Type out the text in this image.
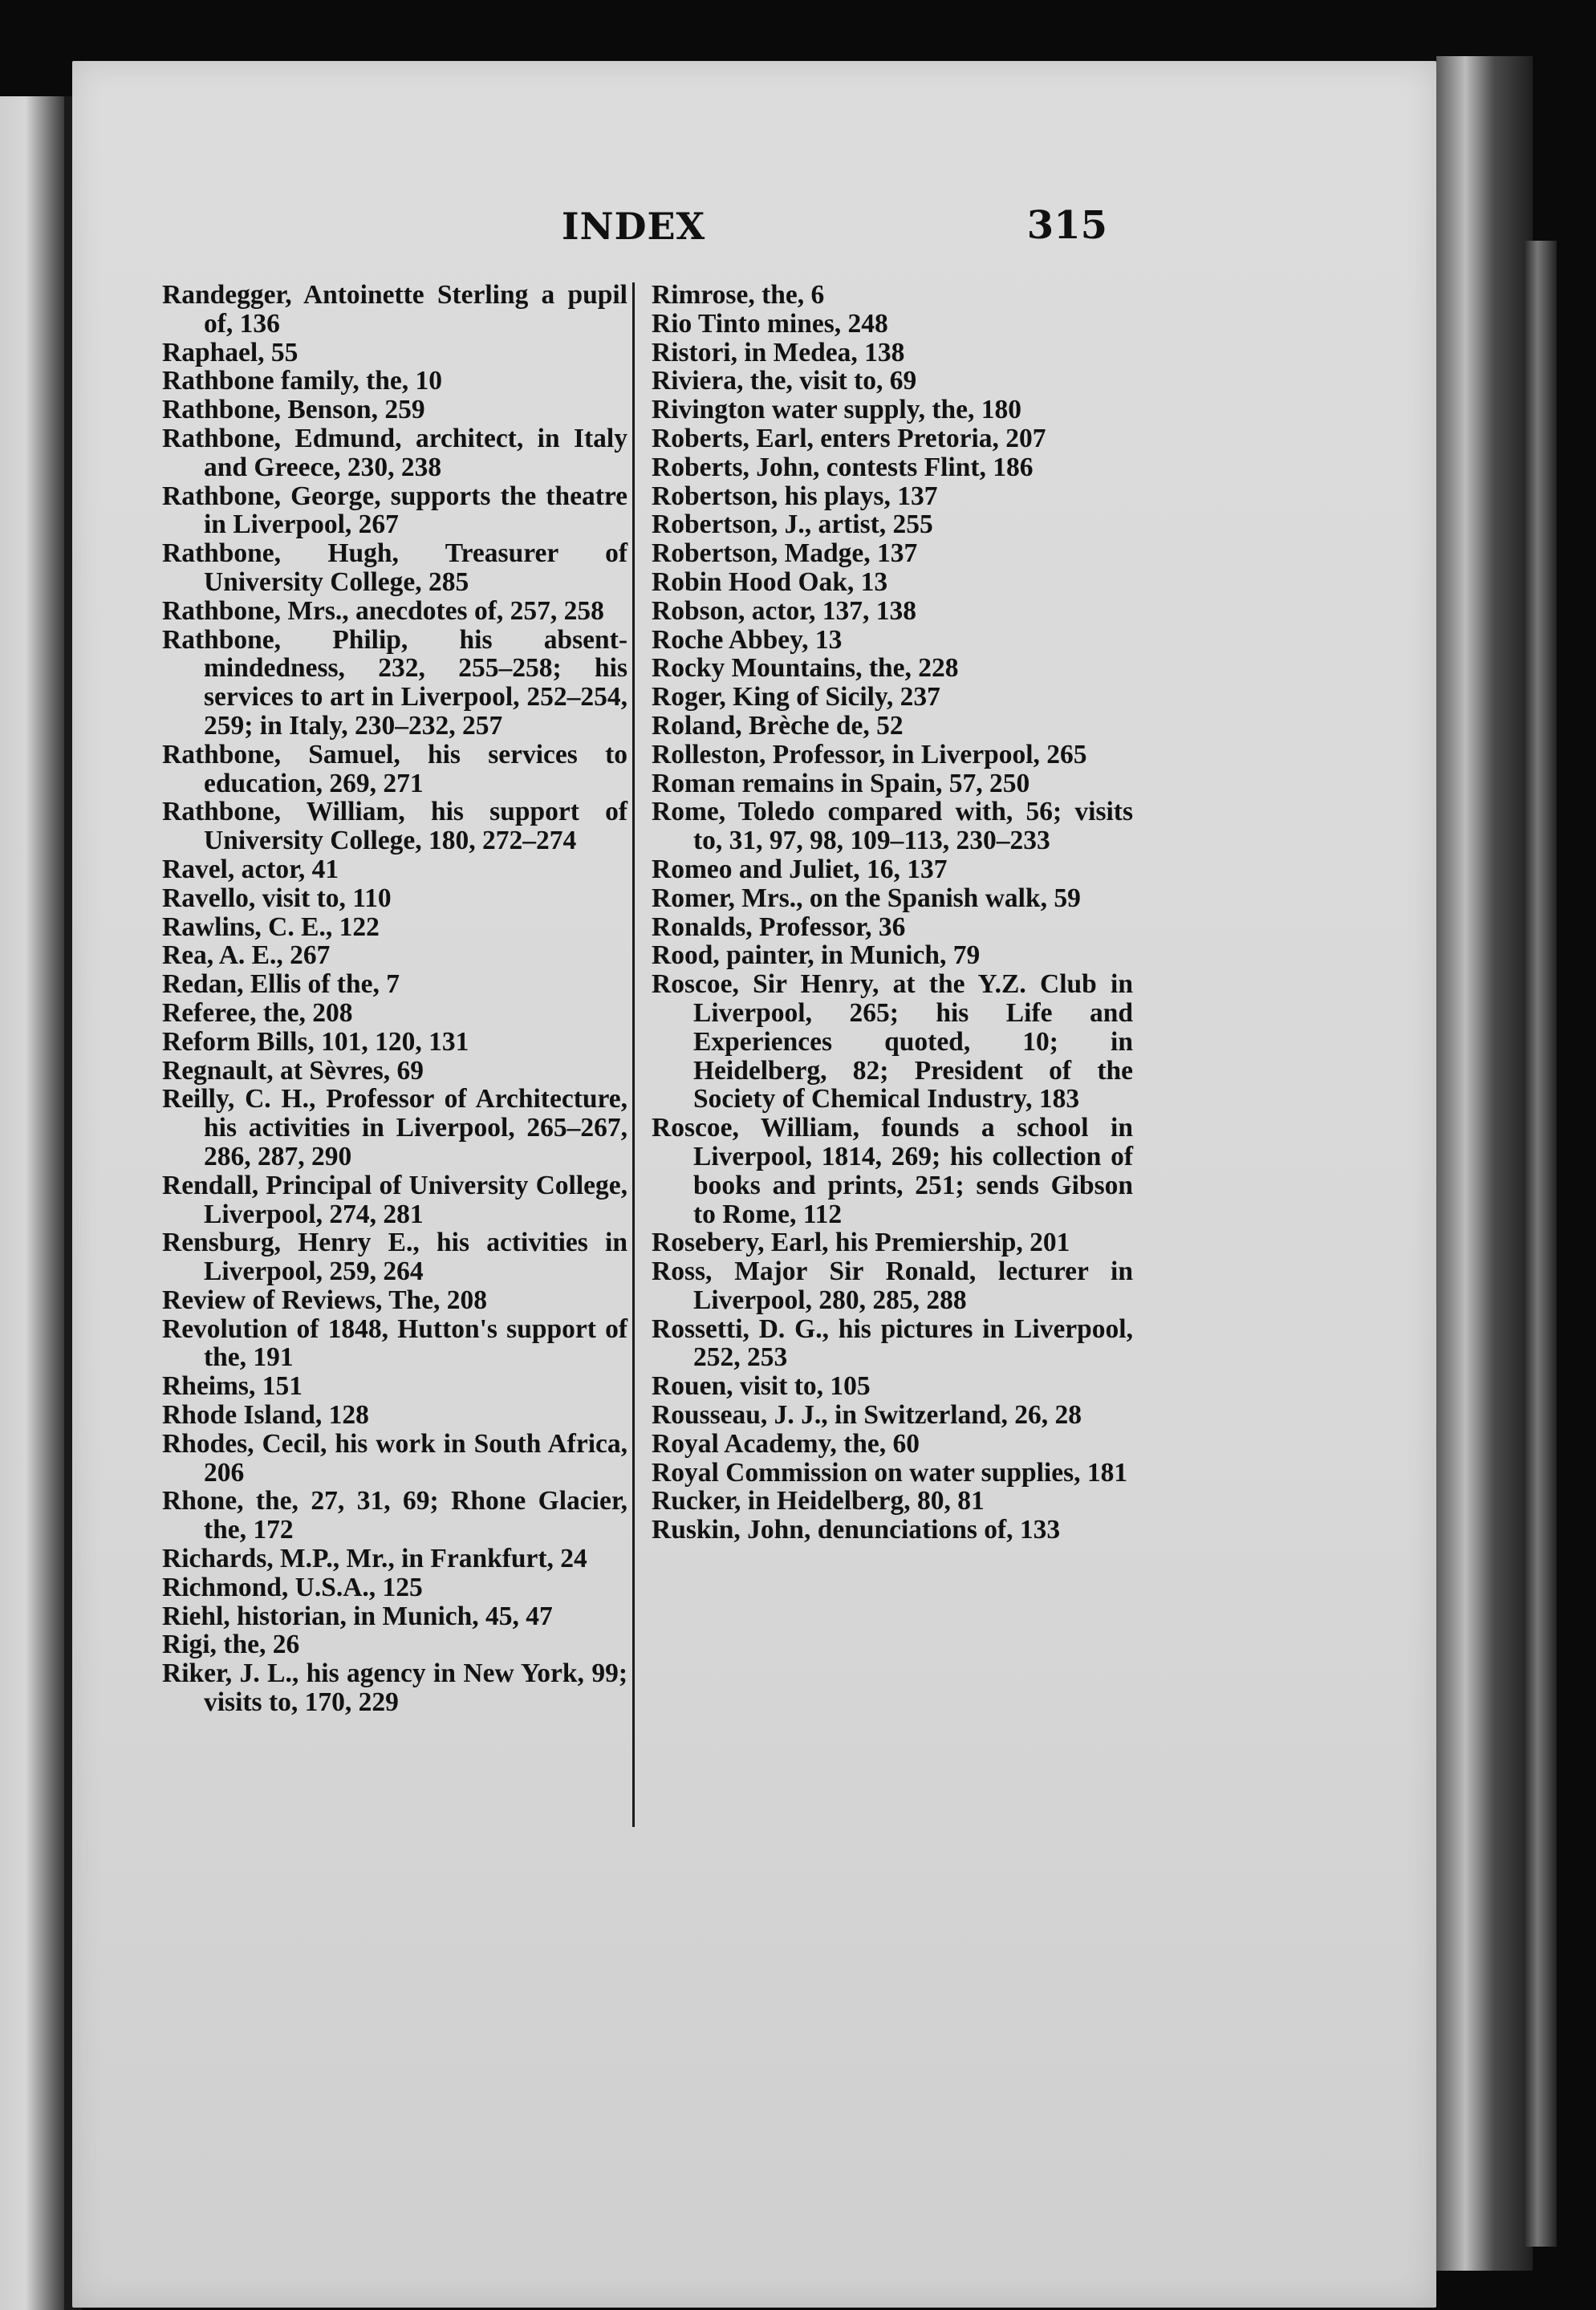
INDEX	315

Randegger, Antoinette Sterling a pupil of, 136

Raphael, 55

Rathbone family, the, 10

Rathbone, Benson, 259

Rathbone, Edmund, architect, in Italy and Greece, 230, 238

Rathbone, George, supports the theatre in Liverpool, 267

Rathbone, Hugh, Treasurer of University College, 285

Rathbone, Mrs., anecdotes of, 257, 258

Rathbone, Philip, his absent-mindedness, 232, 255–258; his services to art in Liverpool, 252–254, 259; in Italy, 230–232, 257

Rathbone, Samuel, his services to education, 269, 271

Rathbone, William, his support of University College, 180, 272–274

Ravel, actor, 41

Ravello, visit to, 110

Rawlins, C. E., 122

Rea, A. E., 267

Redan, Ellis of the, 7

Referee, the, 208

Reform Bills, 101, 120, 131

Regnault, at Sèvres, 69

Reilly, C. H., Professor of Architecture, his activities in Liverpool, 265–267, 286, 287, 290

Rendall, Principal of University College, Liverpool, 274, 281

Rensburg, Henry E., his activities in Liverpool, 259, 264

Review of Reviews, The, 208

Revolution of 1848, Hutton's support of the, 191

Rheims, 151

Rhode Island, 128

Rhodes, Cecil, his work in South Africa, 206

Rhone, the, 27, 31, 69; Rhone Glacier, the, 172

Richards, M.P., Mr., in Frankfurt, 24

Richmond, U.S.A., 125

Riehl, historian, in Munich, 45, 47

Rigi, the, 26

Riker, J. L., his agency in New York, 99; visits to, 170, 229

Rimrose, the, 6

Rio Tinto mines, 248

Ristori, in Medea, 138

Riviera, the, visit to, 69

Rivington water supply, the, 180

Roberts, Earl, enters Pretoria, 207

Roberts, John, contests Flint, 186

Robertson, his plays, 137

Robertson, J., artist, 255

Robertson, Madge, 137

Robin Hood Oak, 13

Robson, actor, 137, 138

Roche Abbey, 13

Rocky Mountains, the, 228

Roger, King of Sicily, 237

Roland, Brèche de, 52

Rolleston, Professor, in Liverpool, 265

Roman remains in Spain, 57, 250

Rome, Toledo compared with, 56; visits to, 31, 97, 98, 109–113, 230–233

Romeo and Juliet, 16, 137

Romer, Mrs., on the Spanish walk, 59

Ronalds, Professor, 36

Rood, painter, in Munich, 79

Roscoe, Sir Henry, at the Y.Z. Club in Liverpool, 265; his Life and Experiences quoted, 10; in Heidelberg, 82; President of the Society of Chemical Industry, 183

Roscoe, William, founds a school in Liverpool, 1814, 269; his collection of books and prints, 251; sends Gibson to Rome, 112

Rosebery, Earl, his Premiership, 201

Ross, Major Sir Ronald, lecturer in Liverpool, 280, 285, 288

Rossetti, D. G., his pictures in Liverpool, 252, 253

Rouen, visit to, 105

Rousseau, J. J., in Switzerland, 26, 28

Royal Academy, the, 60

Royal Commission on water supplies, 181

Rucker, in Heidelberg, 80, 81

Ruskin, John, denunciations of, 133
